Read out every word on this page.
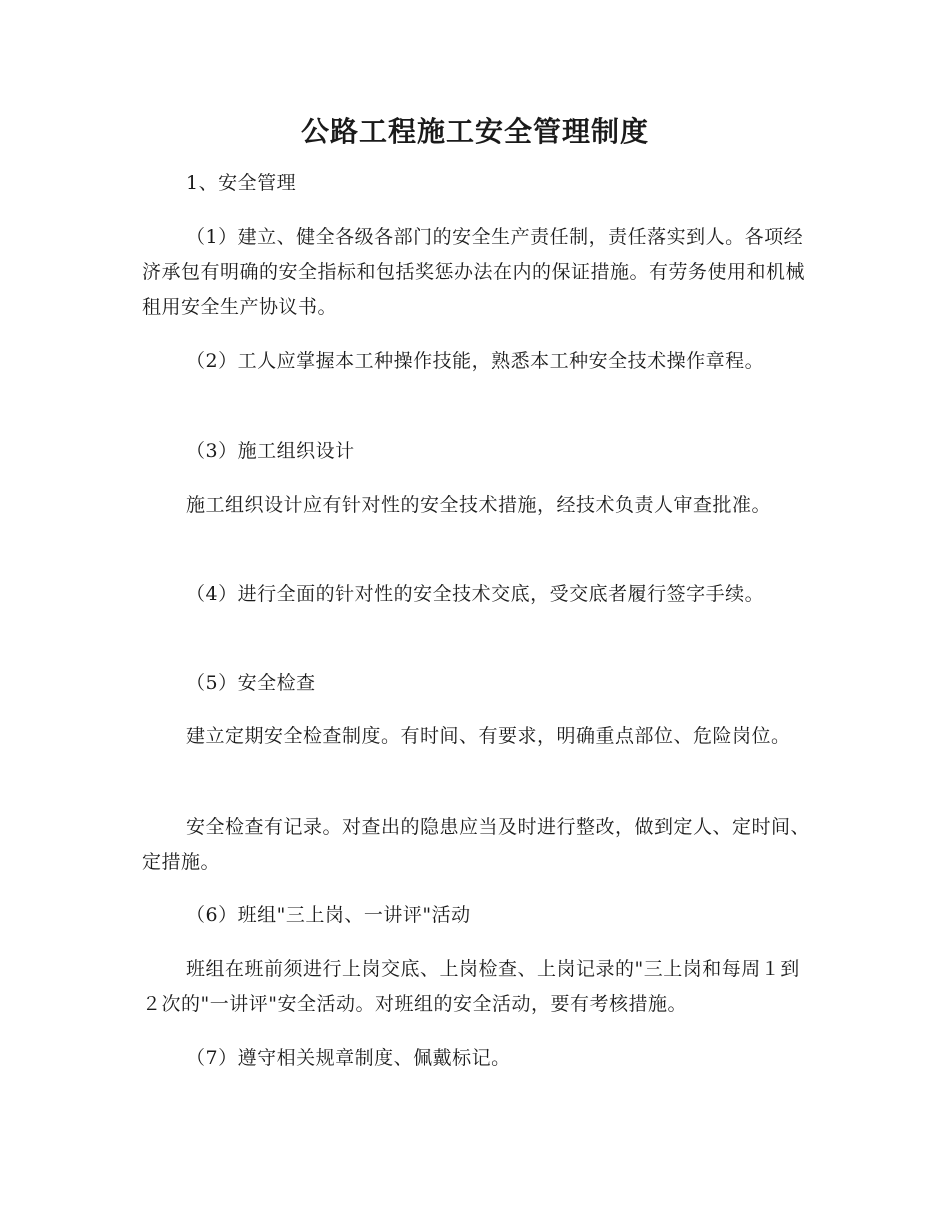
公路工程施工安全管理制度

1、安全管理

（1）建立、健全各级各部门的安全生产责任制，责任落实到人。各项经济承包有明确的安全指标和包括奖惩办法在内的保证措施。有劳务使用和机械租用安全生产协议书。

（2）工人应掌握本工种操作技能，熟悉本工种安全技术操作章程。

（3）施工组织设计

施工组织设计应有针对性的安全技术措施，经技术负责人审查批准。

（4）进行全面的针对性的安全技术交底，受交底者履行签字手续。

（5）安全检查

建立定期安全检查制度。有时间、有要求，明确重点部位、危险岗位。

安全检查有记录。对查出的隐患应当及时进行整改，做到定人、定时间、定措施。

（6）班组"三上岗、一讲评"活动

班组在班前须进行上岗交底、上岗检查、上岗记录的"三上岗和每周１到２次的"一讲评"安全活动。对班组的安全活动，要有考核措施。

（7）遵守相关规章制度、佩戴标记。
